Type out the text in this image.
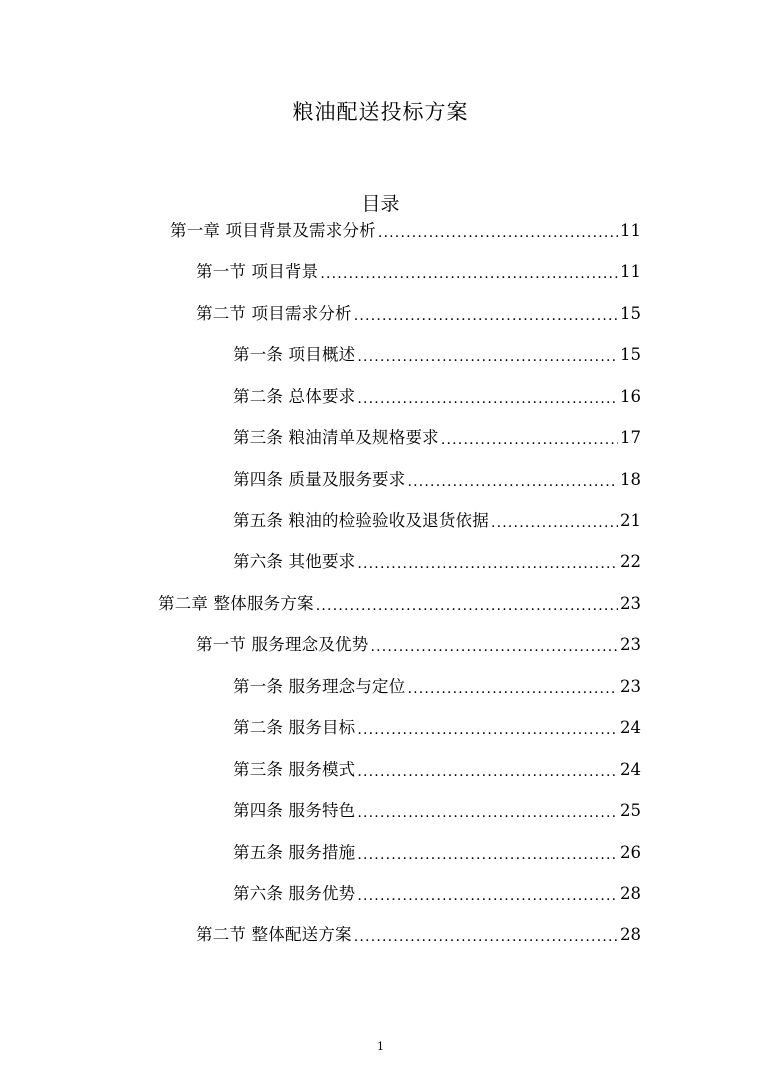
粮油配送投标方案
目录
第一章 项目背景及需求分析 .....	11
第一节 项目背景 .....	11
第二节 项目需求分析 .....	15
第一条 项目概述 .....	15
第二条 总体要求 .....	16
第三条 粮油清单及规格要求 .....	17
第四条 质量及服务要求 .....	18
第五条 粮油的检验验收及退货依据 .....	21
第六条 其他要求 .....	22
第二章 整体服务方案 .....	23
第一节 服务理念及优势 .....	23
第一条 服务理念与定位 .....	23
第二条 服务目标 .....	24
第三条 服务模式 .....	24
第四条 服务特色 .....	25
第五条 服务措施 .....	26
第六条 服务优势 .....	28
第二节 整体配送方案 .....	28
1
